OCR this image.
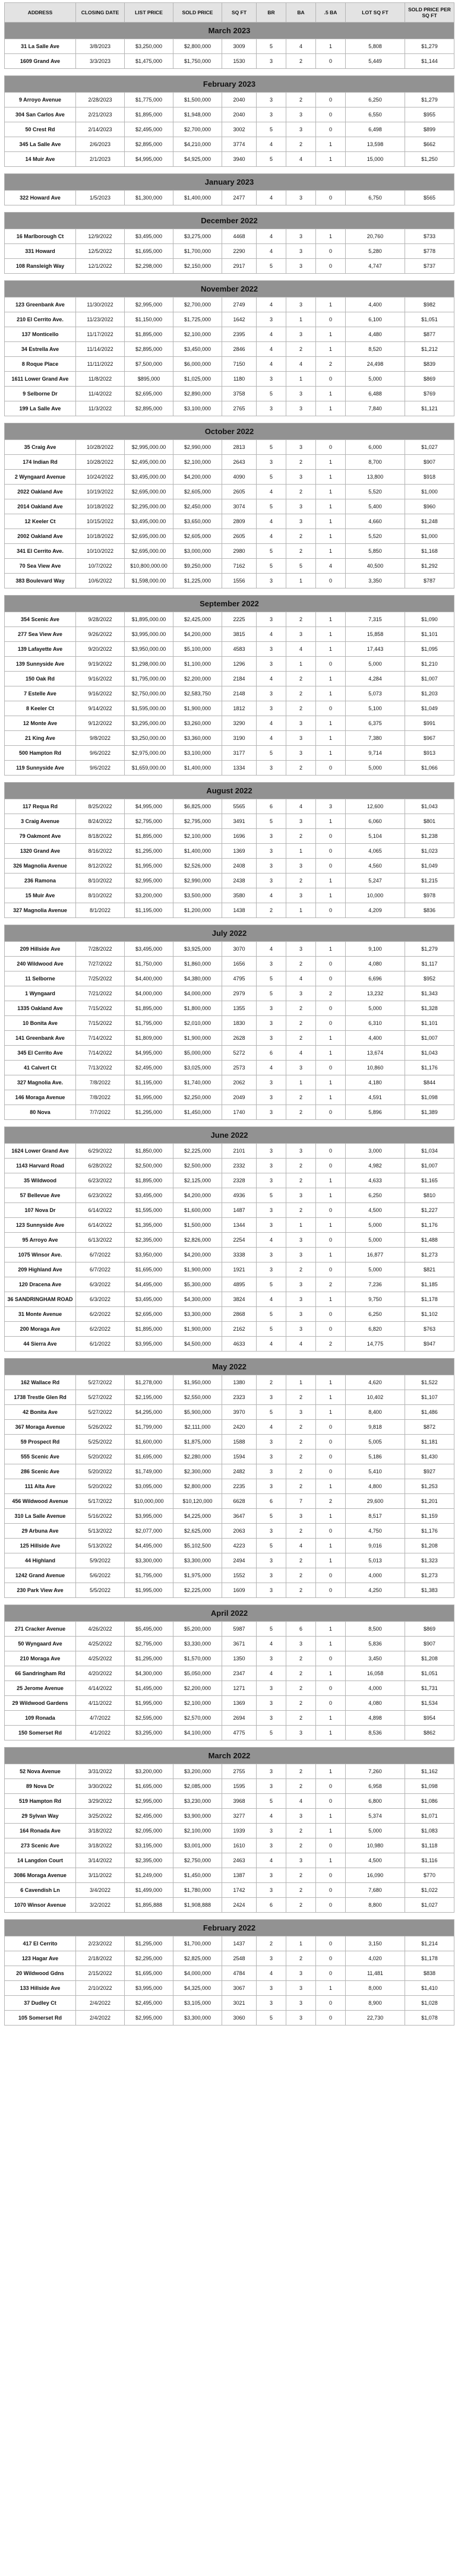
ADDRESS	CLOSING DATE	LIST PRICE	SOLD PRICE	SQ FT	BR	BA	.5 BA	LOT SQ FT	SOLD PRICE PER SQ FT
March 2023									
31 La Salle Ave	3/8/2023	$3,250,000	$2,800,000	3009	5	4	1	5,808	$1,279
1609 Grand Ave	3/3/2023	$1,475,000	$1,750,000	1530	3	2	0	5,449	$1,144

February 2023									
9 Arroyo Avenue	2/28/2023	$1,775,000	$1,500,000	2040	3	2	0	6,250	$1,279
304 San Carlos Ave	2/21/2023	$1,895,000	$1,948,000	2040	3	3	0	6,550	$955
50 Crest Rd	2/14/2023	$2,495,000	$2,700,000	3002	5	3	0	6,498	$899
345 La Salle Ave	2/6/2023	$2,895,000	$4,210,000	3774	4	2	1	13,598	$662
14 Muir Ave	2/1/2023	$4,995,000	$4,925,000	3940	5	4	1	15,000	$1,250

January 2023									
322 Howard Ave	1/5/2023	$1,300,000	$1,400,000	2477	4	3	0	6,750	$565

December 2022									
16 Marlborough Ct	12/9/2022	$3,495,000	$3,275,000	4468	4	3	1	20,760	$733
331 Howard	12/5/2022	$1,695,000	$1,700,000	2290	4	3	0	5,280	$778
108 Ransleigh Way	12/1/2022	$2,298,000	$2,150,000	2917	5	3	0	4,747	$737

November 2022									
123 Greenbank Ave	11/30/2022	$2,995,000	$2,700,000	2749	4	3	1	4,400	$982
210 El Cerrito Ave.	11/23/2022	$1,150,000	$1,725,000	1642	3	1	0	6,100	$1,051
137 Monticello	11/17/2022	$1,895,000	$2,100,000	2395	4	3	1	4,480	$877
34 Estrella Ave	11/14/2022	$2,895,000	$3,450,000	2846	4	2	1	8,520	$1,212
8 Roque Place	11/11/2022	$7,500,000	$6,000,000	7150	4	4	2	24,498	$839
1611 Lower Grand Ave	11/8/2022	$895,000	$1,025,000	1180	3	1	0	5,000	$869
9 Selborne Dr	11/4/2022	$2,695,000	$2,890,000	3758	5	3	1	6,488	$769
199 La Salle Ave	11/3/2022	$2,895,000	$3,100,000	2765	3	3	1	7,840	$1,121

October 2022									
35 Craig Ave	10/28/2022	$2,995,000.00	$2,990,000	2813	5	3	0	6,000	$1,027
174 Indian Rd	10/28/2022	$2,495,000.00	$2,100,000	2643	3	2	1	8,700	$907
2 Wyngaard Avenue	10/24/2022	$3,495,000.00	$4,200,000	4090	5	3	1	13,800	$918
2022 Oakland Ave	10/19/2022	$2,695,000.00	$2,605,000	2605	4	2	1	5,520	$1,000
2014 Oakland Ave	10/18/2022	$2,295,000.00	$2,450,000	3074	5	3	1	5,400	$960
12 Keeler Ct	10/15/2022	$3,495,000.00	$3,650,000	2809	4	3	1	4,660	$1,248
2002 Oakland Ave	10/18/2022	$2,695,000.00	$2,605,000	2605	4	2	1	5,520	$1,000
341 El Cerrito Ave.	10/10/2022	$2,695,000.00	$3,000,000	2980	5	2	1	5,850	$1,168
70 Sea View Ave	10/7/2022	$10,800,000.00	$9,250,000	7162	5	5	4	40,500	$1,292
383 Boulevard Way	10/6/2022	$1,598,000.00	$1,225,000	1556	3	1	0	3,350	$787

September 2022									
354 Scenic Ave	9/28/2022	$1,895,000.00	$2,425,000	2225	3	2	1	7,315	$1,090
277 Sea View Ave	9/26/2022	$3,995,000.00	$4,200,000	3815	4	3	1	15,858	$1,101
139 Lafayette Ave	9/20/2022	$3,950,000.00	$5,100,000	4583	3	4	1	17,443	$1,095
139 Sunnyside Ave	9/19/2022	$1,298,000.00	$1,100,000	1296	3	1	0	5,000	$1,210
150 Oak Rd	9/16/2022	$1,795,000.00	$2,200,000	2184	4	2	1	4,284	$1,007
7 Estelle Ave	9/16/2022	$2,750,000.00	$2,583,750	2148	3	2	1	5,073	$1,203
8 Keeler Ct	9/14/2022	$1,595,000.00	$1,900,000	1812	3	2	0	5,100	$1,049
12 Monte Ave	9/12/2022	$3,295,000.00	$3,260,000	3290	4	3	1	6,375	$991
21 King Ave	9/8/2022	$3,250,000.00	$3,360,000	3190	4	3	1	7,380	$967
500 Hampton Rd	9/6/2022	$2,975,000.00	$3,100,000	3177	5	3	1	9,714	$913
119 Sunnyside Ave	9/6/2022	$1,659,000.00	$1,400,000	1334	3	2	0	5,000	$1,066

August 2022									
117 Requa Rd	8/25/2022	$4,995,000	$6,825,000	5565	6	4	3	12,600	$1,043
3 Craig Avenue	8/24/2022	$2,795,000	$2,795,000	3491	5	3	1	6,060	$801
79 Oakmont Ave	8/18/2022	$1,895,000	$2,100,000	1696	3	2	0	5,104	$1,238
1320 Grand Ave	8/16/2022	$1,295,000	$1,400,000	1369	3	1	0	4,065	$1,023
326 Magnolia Avenue	8/12/2022	$1,995,000	$2,526,000	2408	3	3	0	4,560	$1,049
236 Ramona	8/10/2022	$2,995,000	$2,990,000	2438	3	2	1	5,247	$1,215
15 Muir Ave	8/10/2022	$3,200,000	$3,500,000	3580	4	3	1	10,000	$978
327 Magnolia Avenue	8/1/2022	$1,195,000	$1,200,000	1438	2	1	0	4,209	$836

July 2022									
209 Hillside Ave	7/28/2022	$3,495,000	$3,925,000	3070	4	3	1	9,100	$1,279
240 Wildwood Ave	7/27/2022	$1,750,000	$1,860,000	1656	3	2	0	4,080	$1,117
11 Selborne	7/25/2022	$4,400,000	$4,380,000	4795	5	4	0	6,696	$952
1 Wyngaard	7/21/2022	$4,000,000	$4,000,000	2979	5	3	2	13,232	$1,343
1335 Oakland Ave	7/15/2022	$1,895,000	$1,800,000	1355	3	2	0	5,000	$1,328
10 Bonita Ave	7/15/2022	$1,795,000	$2,010,000	1830	3	2	0	6,310	$1,101
141 Greenbank Ave	7/14/2022	$1,809,000	$1,900,000	2628	3	2	1	4,400	$1,007
345 El Cerrito Ave	7/14/2022	$4,995,000	$5,000,000	5272	6	4	1	13,674	$1,043
41 Calvert Ct	7/13/2022	$2,495,000	$3,025,000	2573	4	3	0	10,860	$1,176
327 Magnolia Ave.	7/8/2022	$1,195,000	$1,740,000	2062	3	1	1	4,180	$844
146 Moraga Avenue	7/8/2022	$1,995,000	$2,250,000	2049	3	2	1	4,591	$1,098
80 Nova	7/7/2022	$1,295,000	$1,450,000	1740	3	2	0	5,896	$1,389

June 2022									
1624 Lower Grand Ave	6/29/2022	$1,850,000	$2,225,000	2101	3	3	0	3,000	$1,034
1143 Harvard Road	6/28/2022	$2,500,000	$2,500,000	2332	3	2	0	4,982	$1,007
35 Wildwood	6/23/2022	$1,895,000	$2,125,000	2328	3	2	1	4,633	$1,165
57 Bellevue Ave	6/23/2022	$3,495,000	$4,200,000	4936	5	3	1	6,250	$810
107 Nova Dr	6/14/2022	$1,595,000	$1,600,000	1487	3	2	0	4,500	$1,227
123 Sunnyside Ave	6/14/2022	$1,395,000	$1,500,000	1344	3	1	1	5,000	$1,176
95 Arroyo Ave	6/13/2022	$2,395,000	$2,826,000	2254	4	3	0	5,000	$1,488
1075 Winsor Ave.	6/7/2022	$3,950,000	$4,200,000	3338	3	3	1	16,877	$1,273
209 Highland Ave	6/7/2022	$1,695,000	$1,900,000	1921	3	2	0	5,000	$821
120 Dracena Ave	6/3/2022	$4,495,000	$5,300,000	4895	5	3	2	7,236	$1,185
36 SANDRINGHAM ROAD	6/3/2022	$3,495,000	$4,300,000	3824	4	3	1	9,750	$1,178
31 Monte Avenue	6/2/2022	$2,695,000	$3,300,000	2868	5	3	0	6,250	$1,102
200 Moraga Ave	6/2/2022	$1,895,000	$1,900,000	2162	5	3	0	6,820	$763
44 Sierra Ave	6/1/2022	$3,995,000	$4,500,000	4633	4	4	2	14,775	$947

May 2022									
162 Wallace Rd	5/27/2022	$1,278,000	$1,950,000	1380	2	1	1	4,620	$1,522
1738 Trestle Glen Rd	5/27/2022	$2,195,000	$2,550,000	2323	3	2	1	10,402	$1,107
42 Bonita Ave	5/27/2022	$4,295,000	$5,900,000	3970	5	3	1	8,400	$1,486
367 Moraga Avenue	5/26/2022	$1,799,000	$2,111,000	2420	4	2	0	9,818	$872
59 Prospect Rd	5/25/2022	$1,600,000	$1,875,000	1588	3	2	0	5,005	$1,181
555 Scenic Ave	5/20/2022	$1,695,000	$2,280,000	1594	3	2	0	5,186	$1,430
286 Scenic Ave	5/20/2022	$1,749,000	$2,300,000	2482	3	2	0	5,410	$927
111 Alta Ave	5/20/2022	$3,095,000	$2,800,000	2235	3	2	1	4,800	$1,253
456 Wildwood Avenue	5/17/2022	$10,000,000	$10,120,000	6628	6	7	2	29,600	$1,201
310 La Salle Avenue	5/16/2022	$3,995,000	$4,225,000	3647	5	3	1	8,517	$1,159
29 Arbuna Ave	5/13/2022	$2,077,000	$2,625,000	2063	3	2	0	4,750	$1,176
125 Hillside Ave	5/13/2022	$4,495,000	$5,102,500	4223	5	4	1	9,016	$1,208
44 Highland	5/9/2022	$3,300,000	$3,300,000	2494	3	2	1	5,013	$1,323
1242 Grand Avenue	5/6/2022	$1,795,000	$1,975,000	1552	3	2	0	4,000	$1,273
230 Park View Ave	5/5/2022	$1,995,000	$2,225,000	1609	3	2	0	4,250	$1,383

April 2022									
271 Cracker Avenue	4/26/2022	$5,495,000	$5,200,000	5987	5	6	1	8,500	$869
50 Wyngaard Ave	4/25/2022	$2,795,000	$3,330,000	3671	4	3	1	5,836	$907
210 Moraga Ave	4/25/2022	$1,295,000	$1,570,000	1350	3	2	0	3,450	$1,208
66 Sandringham Rd	4/20/2022	$4,300,000	$5,050,000	2347	4	2	1	16,058	$1,051
25 Jerome Avenue	4/14/2022	$1,495,000	$2,200,000	1271	3	2	0	4,000	$1,731
29 Wildwood Gardens	4/11/2022	$1,995,000	$2,100,000	1369	3	2	0	4,080	$1,534
109 Ronada	4/7/2022	$2,595,000	$2,570,000	2694	3	2	1	4,898	$954
150 Somerset Rd	4/1/2022	$3,295,000	$4,100,000	4775	5	3	1	8,536	$862

March 2022									
52 Nova Avenue	3/31/2022	$3,200,000	$3,200,000	2755	3	2	1	7,260	$1,162
89 Nova Dr	3/30/2022	$1,695,000	$2,085,000	1595	3	2	0	6,958	$1,098
519 Hampton Rd	3/29/2022	$2,995,000	$3,230,000	3968	5	4	0	6,800	$1,086
29 Sylvan Way	3/25/2022	$2,495,000	$3,900,000	3277	4	3	1	5,374	$1,071
164 Ronada Ave	3/18/2022	$2,095,000	$2,100,000	1939	3	2	1	5,000	$1,083
273 Scenic Ave	3/18/2022	$3,195,000	$3,001,000	1610	3	2	0	10,980	$1,118
14 Langdon Court	3/14/2022	$2,395,000	$2,750,000	2463	4	3	1	4,500	$1,116
3086 Moraga Avenue	3/11/2022	$1,249,000	$1,450,000	1387	3	2	0	16,090	$770
6 Cavendish Ln	3/4/2022	$1,499,000	$1,780,000	1742	3	2	0	7,680	$1,022
1070 Winsor Avenue	3/2/2022	$1,895,888	$1,908,888	2424	6	2	0	8,800	$1,027

February 2022									
417 El Cerrito	2/23/2022	$1,295,000	$1,700,000	1437	2	1	0	3,150	$1,214
123 Hagar Ave	2/18/2022	$2,295,000	$2,825,000	2548	3	2	0	4,020	$1,178
20 Wildwood Gdns	2/15/2022	$1,695,000	$4,000,000	4784	4	3	0	11,481	$838
133 Hillside Ave	2/10/2022	$3,995,000	$4,325,000	3067	3	3	1	8,000	$1,410
37 Dudley Ct	2/4/2022	$2,495,000	$3,105,000	3021	3	3	0	8,900	$1,028
105 Somerset Rd	2/4/2022	$2,995,000	$3,300,000	3060	5	3	0	22,730	$1,078
